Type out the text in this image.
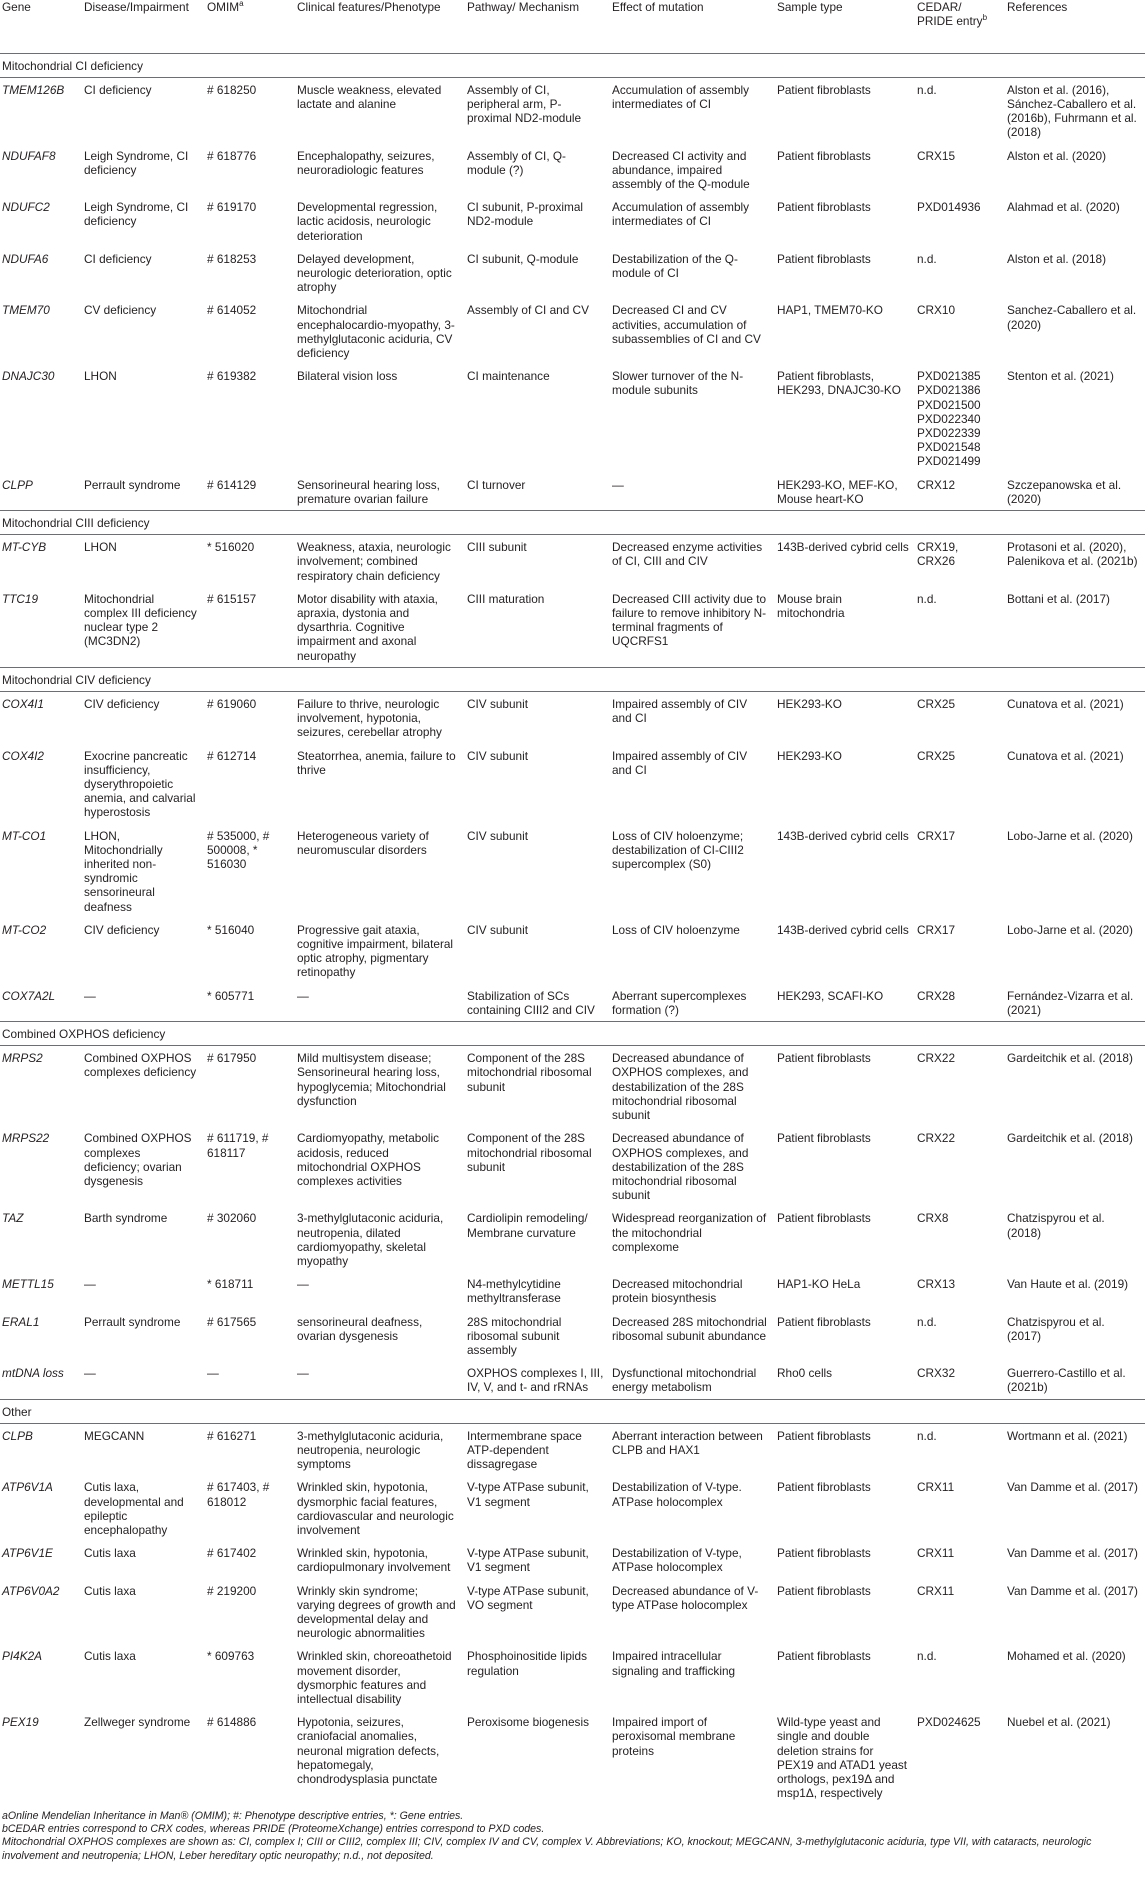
Gene	Disease/Impairment	OMIM$^a$	Clinical features/Phenotype	Pathway/ Mechanism	Effect of mutation	Sample type	CEDAR/ PRIDE entry$^b$	References
Mitochondrial CI deficiency								
TMEM126B	CI deficiency	# 618250	Muscle weakness, elevated lactate and alanine	Assembly of CI, peripheral arm, P-proximal ND2-module	Accumulation of assembly intermediates of CI	Patient fibroblasts	n.d.	Alston et al. (2016), Sánchez-Caballero et al. (2016b), Fuhrmann et al. (2018)
NDUFAF8	Leigh Syndrome, CI deficiency	# 618776	Encephalopathy, seizures, neuroradiologic features	Assembly of CI, Q-module (?)	Decreased CI activity and abundance, impaired assembly of the Q-module	Patient fibroblasts	CRX15	Alston et al. (2020)
NDUFC2	Leigh Syndrome, CI deficiency	# 619170	Developmental regression, lactic acidosis, neurologic deterioration	CI subunit, P-proximal ND2-module	Accumulation of assembly intermediates of CI	Patient fibroblasts	PXD014936	Alahmad et al. (2020)
NDUFA6	CI deficiency	# 618253	Delayed development, neurologic deterioration, optic atrophy	CI subunit, Q-module	Destabilization of the Q-module of CI	Patient fibroblasts	n.d.	Alston et al. (2018)
TMEM70	CV deficiency	# 614052	Mitochondrial encephalocardio-myopathy, 3-methylglutaconic aciduria, CV deficiency	Assembly of CI and CV	Decreased CI and CV activities, accumulation of subassemblies of CI and CV	HAP1, TMEM70-KO	CRX10	Sanchez-Caballero et al. (2020)
DNAJC30	LHON	# 619382	Bilateral vision loss	CI maintenance	Slower turnover of the N-module subunits	Patient fibroblasts, HEK293, DNAJC30-KO	PXD021385 PXD021386 PXD021500 PXD022340 PXD022339 PXD021548 PXD021499	Stenton et al. (2021)
CLPP	Perrault syndrome	# 614129	Sensorineural hearing loss, premature ovarian failure	CI turnover	—	HEK293-KO, MEF-KO, Mouse heart-KO	CRX12	Szczepanowska et al. (2020)
Mitochondrial CIII deficiency								
MT-CYB	LHON	* 516020	Weakness, ataxia, neurologic involvement; combined respiratory chain deficiency	CIII subunit	Decreased enzyme activities of CI, CIII and CIV	143B-derived cybrid cells	CRX19, CRX26	Protasoni et al. (2020), Palenikova et al. (2021b)
TTC19	Mitochondrial complex III deficiency nuclear type 2 (MC3DN2)	# 615157	Motor disability with ataxia, apraxia, dystonia and dysarthria. Cognitive impairment and axonal neuropathy	CIII maturation	Decreased CIII activity due to failure to remove inhibitory N-terminal fragments of UQCRFS1	Mouse brain mitochondria	n.d.	Bottani et al. (2017)
Mitochondrial CIV deficiency								
COX4I1	CIV deficiency	# 619060	Failure to thrive, neurologic involvement, hypotonia, seizures, cerebellar atrophy	CIV subunit	Impaired assembly of CIV and CI	HEK293-KO	CRX25	Cunatova et al. (2021)
COX4I2	Exocrine pancreatic insufficiency, dyserythropoietic anemia, and calvarial hyperostosis	# 612714	Steatorrhea, anemia, failure to thrive	CIV subunit	Impaired assembly of CIV and CI	HEK293-KO	CRX25	Cunatova et al. (2021)
MT-CO1	LHON, Mitochondrially inherited non-syndromic sensorineural deafness	# 535000, # 500008, * 516030	Heterogeneous variety of neuromuscular disorders	CIV subunit	Loss of CIV holoenzyme; destabilization of CI-CIII2 supercomplex (S0)	143B-derived cybrid cells	CRX17	Lobo-Jarne et al. (2020)
MT-CO2	CIV deficiency	* 516040	Progressive gait ataxia, cognitive impairment, bilateral optic atrophy, pigmentary retinopathy	CIV subunit	Loss of CIV holoenzyme	143B-derived cybrid cells	CRX17	Lobo-Jarne et al. (2020)
COX7A2L	—	* 605771	—	Stabilization of SCs containing CIII2 and CIV	Aberrant supercomplexes formation (?)	HEK293, SCAFI-KO	CRX28	Fernández-Vizarra et al. (2021)
Combined OXPHOS deficiency								
MRPS2	Combined OXPHOS complexes deficiency	# 617950	Mild multisystem disease; Sensorineural hearing loss, hypoglycemia; Mitochondrial dysfunction	Component of the 28S mitochondrial ribosomal subunit	Decreased abundance of OXPHOS complexes, and destabilization of the 28S mitochondrial ribosomal subunit	Patient fibroblasts	CRX22	Gardeitchik et al. (2018)
MRPS22	Combined OXPHOS complexes deficiency; ovarian dysgenesis	# 611719, # 618117	Cardiomyopathy, metabolic acidosis, reduced mitochondrial OXPHOS complexes activities	Component of the 28S mitochondrial ribosomal subunit	Decreased abundance of OXPHOS complexes, and destabilization of the 28S mitochondrial ribosomal subunit	Patient fibroblasts	CRX22	Gardeitchik et al. (2018)
TAZ	Barth syndrome	# 302060	3-methylglutaconic aciduria, neutropenia, dilated cardiomyopathy, skeletal myopathy	Cardiolipin remodeling/ Membrane curvature	Widespread reorganization of the mitochondrial complexome	Patient fibroblasts	CRX8	Chatzispyrou et al. (2018)
METTL15	—	* 618711	—	N4-methylcytidine methyltransferase	Decreased mitochondrial protein biosynthesis	HAP1-KO HeLa	CRX13	Van Haute et al. (2019)
ERAL1	Perrault syndrome	# 617565	sensorineural deafness, ovarian dysgenesis	28S mitochondrial ribosomal subunit assembly	Decreased 28S mitochondrial ribosomal subunit abundance	Patient fibroblasts	n.d.	Chatzispyrou et al. (2017)
mtDNA loss	—	—	—	OXPHOS complexes I, III, IV, V, and t- and rRNAs	Dysfunctional mitochondrial energy metabolism	Rho0 cells	CRX32	Guerrero-Castillo et al. (2021b)
Other								
CLPB	MEGCANN	# 616271	3-methylglutaconic aciduria, neutropenia, neurologic symptoms	Intermembrane space ATP-dependent dissagregase	Aberrant interaction between CLPB and HAX1	Patient fibroblasts	n.d.	Wortmann et al. (2021)
ATP6V1A	Cutis laxa, developmental and epileptic encephalopathy	# 617403, # 618012	Wrinkled skin, hypotonia, dysmorphic facial features, cardiovascular and neurologic involvement	V-type ATPase subunit, V1 segment	Destabilization of V-type. ATPase holocomplex	Patient fibroblasts	CRX11	Van Damme et al. (2017)
ATP6V1E	Cutis laxa	# 617402	Wrinkled skin, hypotonia, cardiopulmonary involvement	V-type ATPase subunit, V1 segment	Destabilization of V-type, ATPase holocomplex	Patient fibroblasts	CRX11	Van Damme et al. (2017)
ATP6V0A2	Cutis laxa	# 219200	Wrinkly skin syndrome; varying degrees of growth and developmental delay and neurologic abnormalities	V-type ATPase subunit, VO segment	Decreased abundance of V-type ATPase holocomplex	Patient fibroblasts	CRX11	Van Damme et al. (2017)
PI4K2A	Cutis laxa	* 609763	Wrinkled skin, choreoathetoid movement disorder, dysmorphic features and intellectual disability	Phosphoinositide lipids regulation	Impaired intracellular signaling and trafficking	Patient fibroblasts	n.d.	Mohamed et al. (2020)
PEX19	Zellweger syndrome	# 614886	Hypotonia, seizures, craniofacial anomalies, neuronal migration defects, hepatomegaly, chondrodysplasia punctate	Peroxisome biogenesis	Impaired import of peroxisomal membrane proteins	Wild-type yeast and single and double deletion strains for PEX19 and ATAD1 yeast orthologs, pex19Δ and msp1Δ, respectively	PXD024625	Nuebel et al. (2021)
aOnline Mendelian Inheritance in Man® (OMIM); #: Phenotype descriptive entries, *: Gene entries.
bCEDAR entries correspond to CRX codes, whereas PRIDE (ProteomeXchange) entries correspond to PXD codes.
Mitochondrial OXPHOS complexes are shown as: CI, complex I; CIII or CIII2, complex III; CIV, complex IV and CV, complex V. Abbreviations; KO, knockout; MEGCANN, 3-methylglutaconic aciduria, type VII, with cataracts, neurologic involvement and neutropenia; LHON, Leber hereditary optic neuropathy; n.d., not deposited.
